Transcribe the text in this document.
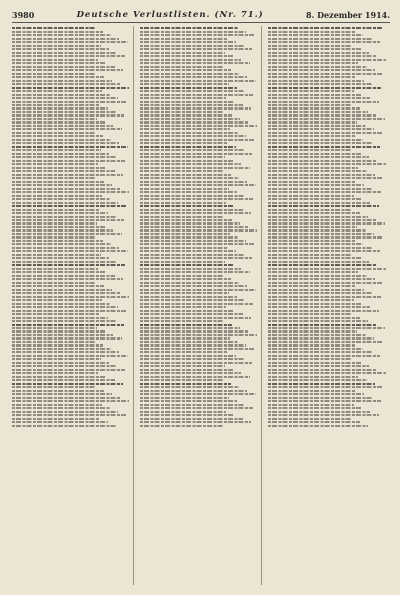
3980	Deutsche Verlustlisten. (Nr. 71.)	8. Dezember 1914.
